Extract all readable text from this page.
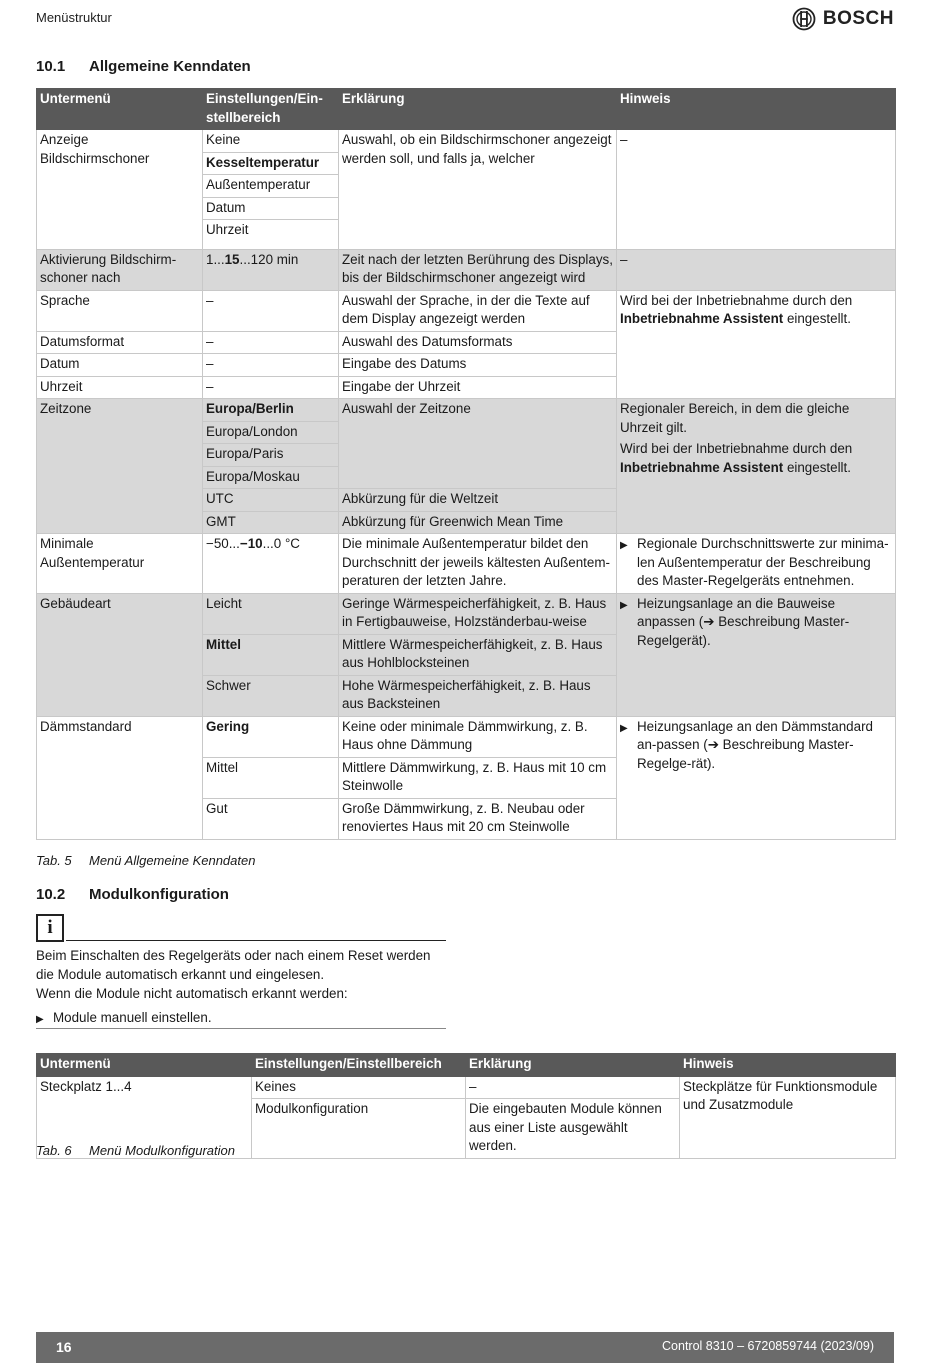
Menüstruktur	BOSCH
10.1 Allgemeine Kenndaten
Untermenü	Einstellungen/Ein-stellbereich	Erklärung	Hinweis
Anzeige Bildschirmschoner	Keine	Auswahl, ob ein Bildschirmschoner angezeigt werden soll, und falls ja, welcher	–
	Kesseltemperatur		
	Außentemperatur		
	Datum		
	Uhrzeit		
Aktivierung Bildschirm-schoner nach	1...15...120 min	Zeit nach der letzten Berührung des Displays, bis der Bildschirmschoner angezeigt wird	–
Sprache	–	Auswahl der Sprache, in der die Texte auf dem Display angezeigt werden	Wird bei der Inbetriebnahme durch den Inbetriebnahme Assistent eingestellt.
Datumsformat	–	Auswahl des Datumsformats	
Datum	–	Eingabe des Datums	
Uhrzeit	–	Eingabe der Uhrzeit	
Zeitzone	Europa/Berlin	Auswahl der Zeitzone	Regionaler Bereich, in dem die gleiche Uhrzeit gilt.
Wird bei der Inbetriebnahme durch den Inbetriebnahme Assistent eingestellt.

	Europa/London		
	Europa/Paris		
	Europa/Moskau		
	UTC	Abkürzung für die Weltzeit	
	GMT	Abkürzung für Greenwich Mean Time	
Minimale Außentemperatur	−50...−10...0 °C	Die minimale Außentemperatur bildet den Durchschnitt der jeweils kältesten Außentem-peraturen der letzten Jahre.	▶ Regionale Durchschnittswerte zur minima-len Außentemperatur der Beschreibung des Master-Regelgeräts entnehmen.

Gebäudeart	Leicht	Geringe Wärmespeicherfähigkeit, z. B. Haus in Fertigbauweise, Holzständerbau-weise	▶ Heizungsanlage an die Bauweise anpassen (➔ Beschreibung Master-Regelgerät).

	Mittel	Mittlere Wärmespeicherfähigkeit, z. B. Haus aus Hohlblocksteinen	
	Schwer	Hohe Wärmespeicherfähigkeit, z. B. Haus aus Backsteinen	
Dämmstandard	Gering	Keine oder minimale Dämmwirkung, z. B. Haus ohne Dämmung	▶ Heizungsanlage an den Dämmstandard an-passen (➔ Beschreibung Master-Regelge-rät).

	Mittel	Mittlere Dämmwirkung, z. B. Haus mit 10 cm Steinwolle	
	Gut	Große Dämmwirkung, z. B. Neubau oder renoviertes Haus mit 20 cm Steinwolle	
Tab. 5 Menü Allgemeine Kenndaten
10.2 Modulkonfiguration
i

Beim Einschalten des Regelgeräts oder nach einem Reset werden die Module automatisch erkannt und eingelesen.

Wenn die Module nicht automatisch erkannt werden:

▶ Module manuell einstellen.
Untermenü	Einstellungen/Einstellbereich	Erklärung	Hinweis
Steckplatz 1...4	Keines	–	Steckplätze für Funktionsmodule und Zusatzmodule
	Modulkonfiguration	Die eingebauten Module können aus einer Liste ausgewählt werden.	
Tab. 6 Menü Modulkonfiguration
16	Control 8310 – 6720859744 (2023/09)
